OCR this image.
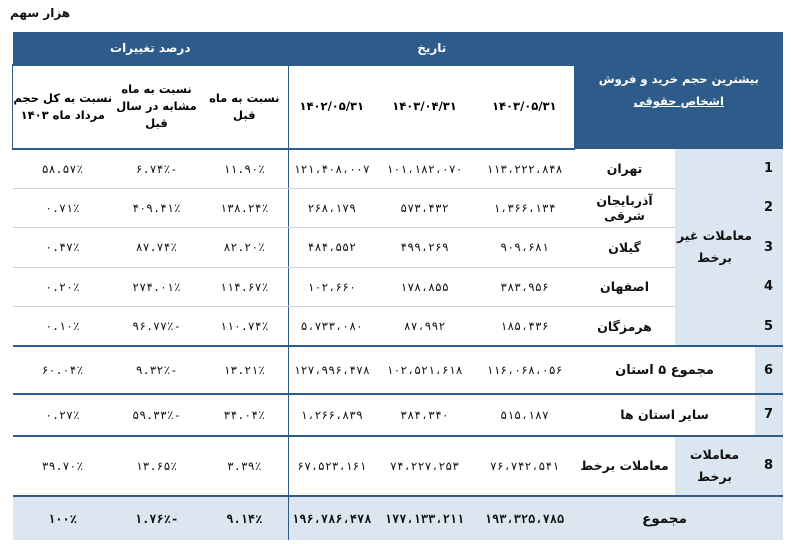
هزار سهم
بیشترین حجم خرید و فروش
اشخاص حقوقی			تاریخ			درصد تغییرات		
			۱۴۰۳/۰۵/۳۱	۱۴۰۳/۰۴/۳۱	۱۴۰۲/۰۵/۳۱	نسبت به ماه قبل	نسبت به ماه مشابه در سال قبل	نسبت به کل حجم مرداد ماه ۱۴۰۳
1	معاملات غیر برخط	تهران	۱۱۳،۲۲۲،۸۴۸	۱۰۱،۱۸۲،۰۷۰	۱۲۱،۴۰۸،۰۰۷	۱۱.۹۰٪	-۶.۷۴٪	۵۸.۵۷٪
2		آذربایجان شرقی	۱،۳۶۶،۱۳۴	۵۷۳،۴۳۲	۲۶۸،۱۷۹	۱۳۸.۲۴٪	۴۰۹.۴۱٪	۰.۷۱٪
3		گیلان	۹۰۹،۶۸۱	۴۹۹،۲۶۹	۴۸۴،۵۵۲	۸۲.۲۰٪	۸۷.۷۴٪	۰.۴۷٪
4		اصفهان	۳۸۳،۹۵۶	۱۷۸،۸۵۵	۱۰۲،۶۶۰	۱۱۴.۶۷٪	۲۷۴.۰۱٪	۰.۲۰٪
5		هرمزگان	۱۸۵،۴۳۶	۸۷،۹۹۲	۵،۷۳۳،۰۸۰	۱۱۰.۷۴٪	-۹۶.۷۷٪	۰.۱۰٪
6	مجموع ۵ استان		۱۱۶،۰۶۸،۰۵۶	۱۰۲،۵۲۱،۶۱۸	۱۲۷،۹۹۶،۴۷۸	۱۳.۲۱٪	-۹.۳۲٪	۶۰.۰۴٪
7	سایر استان ها		۵۱۵،۱۸۷	۳۸۴،۳۴۰	۱،۲۶۶،۸۳۹	۳۴.۰۴٪	-۵۹.۳۳٪	۰.۲۷٪
8	معاملات برخط	معاملات برخط	۷۶،۷۴۲،۵۴۱	۷۴،۲۲۷،۲۵۳	۶۷،۵۲۳،۱۶۱	۳.۳۹٪	۱۳.۶۵٪	۳۹.۷۰٪
	مجموع		۱۹۳،۳۲۵،۷۸۵	۱۷۷،۱۳۳،۲۱۱	۱۹۶،۷۸۶،۴۷۸	۹.۱۴٪	-۱.۷۶٪	۱۰۰٪
